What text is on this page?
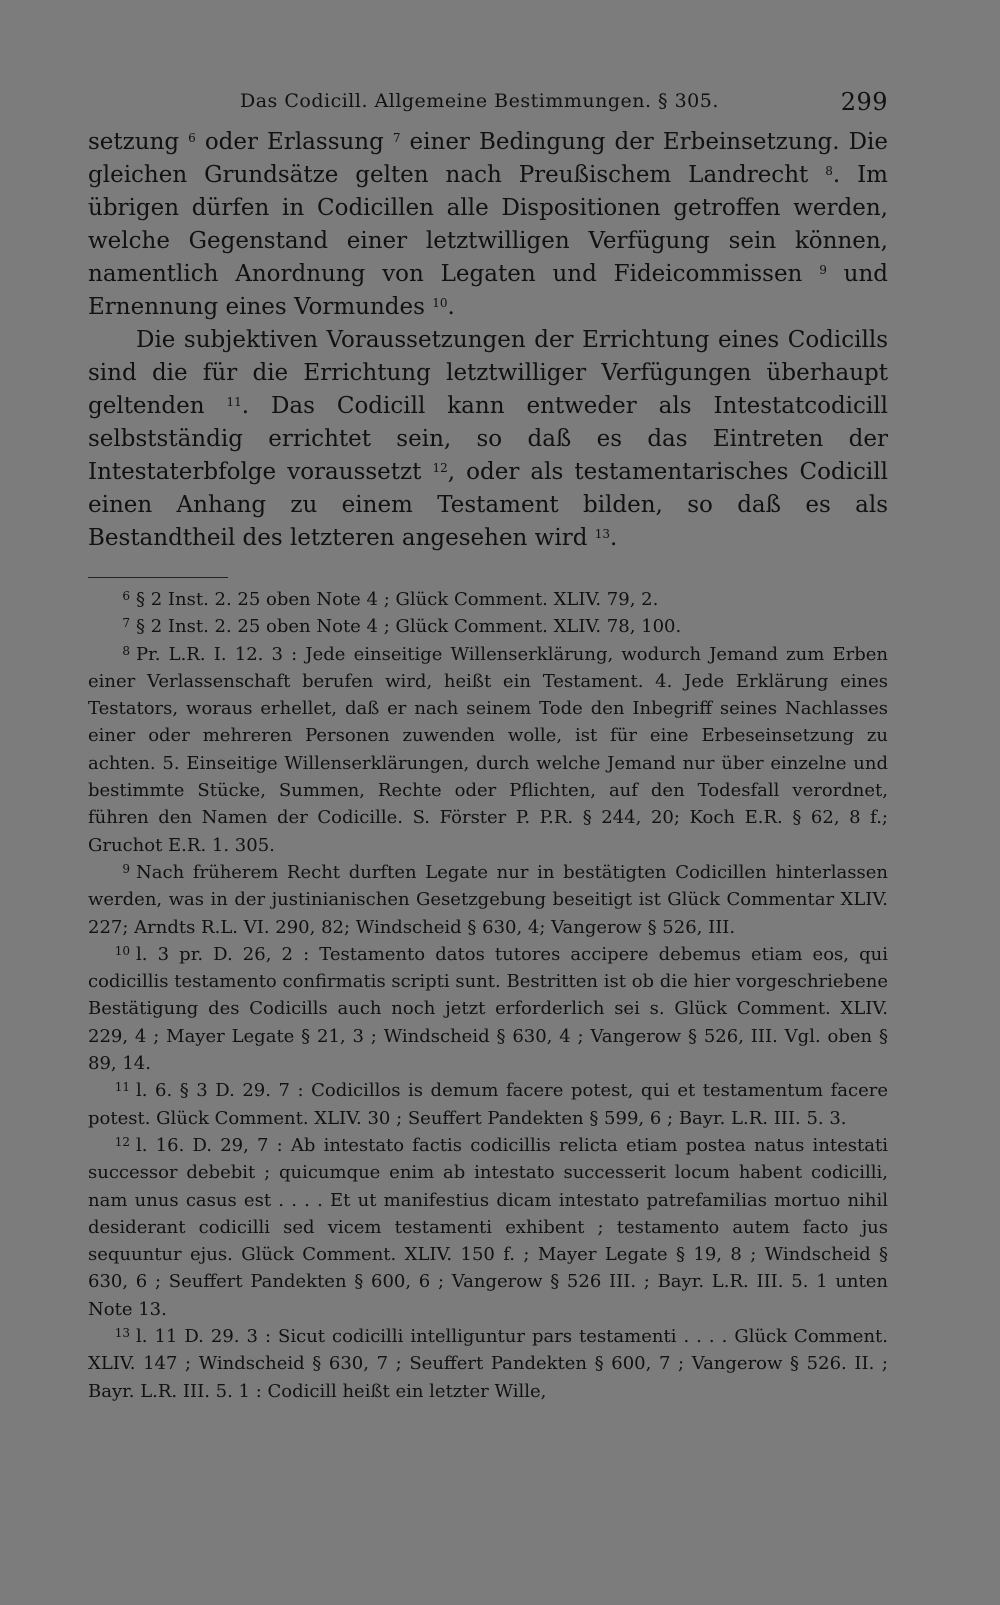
Das Codicill. Allgemeine Bestimmungen. § 305.	299

setzung $^6$ oder Erlassung $^7$ einer Bedingung der Erbeinsetzung. Die gleichen Grundsätze gelten nach Preußischem Landrecht $^8$. Im übrigen dürfen in Codicillen alle Dispositionen getroffen werden, welche Gegenstand einer letztwilligen Verfügung sein können, namentlich Anordnung von Legaten und Fideicommissen $^9$ und Ernennung eines Vormundes $^{10}$.

Die subjektiven Voraussetzungen der Errichtung eines Codicills sind die für die Errichtung letztwilliger Verfügungen überhaupt geltenden $^{11}$. Das Codicill kann entweder als Intestatcodicill selbstständig errichtet sein, so daß es das Eintreten der Intestaterbfolge voraussetzt $^{12}$, oder als testamentarisches Codicill einen Anhang zu einem Testament bilden, so daß es als Bestandtheil des letzteren angesehen wird $^{13}$.

$^6$ § 2 Inst. 2. 25 oben Note 4 ; Glück Comment. XLIV. 79, 2.

$^7$ § 2 Inst. 2. 25 oben Note 4 ; Glück Comment. XLIV. 78, 100.

$^8$ Pr. L.R. I. 12. 3 : Jede einseitige Willenserklärung, wodurch Jemand zum Erben einer Verlassenschaft berufen wird, heißt ein Testament. 4. Jede Erklärung eines Testators, woraus erhellet, daß er nach seinem Tode den Inbegriff seines Nachlasses einer oder mehreren Personen zuwenden wolle, ist für eine Erbeseinsetzung zu achten. 5. Einseitige Willenserklärungen, durch welche Jemand nur über einzelne und bestimmte Stücke, Summen, Rechte oder Pflichten, auf den Todesfall verordnet, führen den Namen der Codicille. S. Förster P. P.R. § 244, 20; Koch E.R. § 62, 8 f.; Gruchot E.R. 1. 305.

$^9$ Nach früherem Recht durften Legate nur in bestätigten Codicillen hinterlassen werden, was in der justinianischen Gesetzgebung beseitigt ist Glück Commentar XLIV. 227; Arndts R.L. VI. 290, 82; Windscheid § 630, 4; Vangerow § 526, III.

$^{10}$ l. 3 pr. D. 26, 2 : Testamento datos tutores accipere debemus etiam eos, qui codicillis testamento confirmatis scripti sunt. Bestritten ist ob die hier vorgeschriebene Bestätigung des Codicills auch noch jetzt erforderlich sei s. Glück Comment. XLIV. 229, 4 ; Mayer Legate § 21, 3 ; Windscheid § 630, 4 ; Vangerow § 526, III. Vgl. oben § 89, 14.

$^{11}$ l. 6. § 3 D. 29. 7 : Codicillos is demum facere potest, qui et testamentum facere potest. Glück Comment. XLIV. 30 ; Seuffert Pandekten § 599, 6 ; Bayr. L.R. III. 5. 3.

$^{12}$ l. 16. D. 29, 7 : Ab intestato factis codicillis relicta etiam postea natus intestati successor debebit ; quicumque enim ab intestato successerit locum habent codicilli, nam unus casus est . . . . Et ut manifestius dicam intestato patrefamilias mortuo nihil desiderant codicilli sed vicem testamenti exhibent ; testamento autem facto jus sequuntur ejus. Glück Comment. XLIV. 150 f. ; Mayer Legate § 19, 8 ; Windscheid § 630, 6 ; Seuffert Pandekten § 600, 6 ; Vangerow § 526 III. ; Bayr. L.R. III. 5. 1 unten Note 13.

$^{13}$ l. 11 D. 29. 3 : Sicut codicilli intelliguntur pars testamenti . . . . Glück Comment. XLIV. 147 ; Windscheid § 630, 7 ; Seuffert Pandekten § 600, 7 ; Vangerow § 526. II. ; Bayr. L.R. III. 5. 1 : Codicill heißt ein letzter Wille,
